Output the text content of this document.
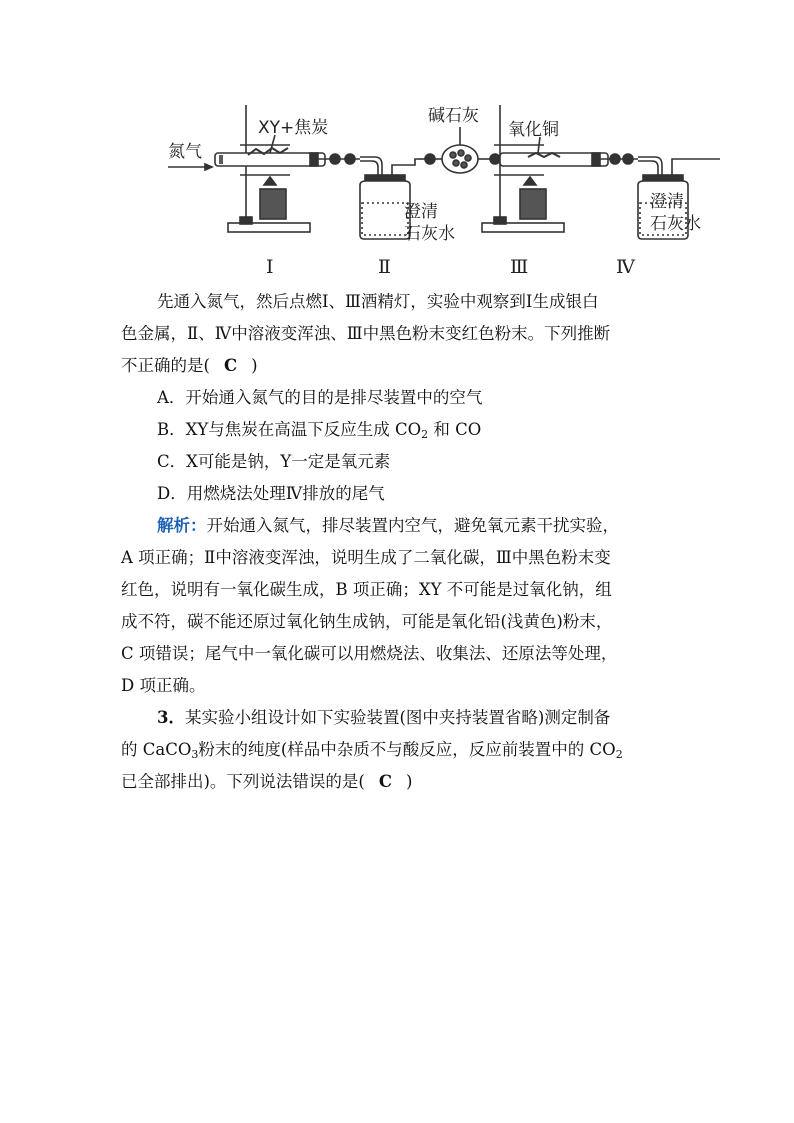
氮气
XY+焦炭
碱石灰
氧化铜
澄清
石灰水
澄清
石灰水
Ⅰ	Ⅱ	Ⅲ	Ⅳ
先通入氮气，然后点燃Ⅰ、Ⅲ酒精灯，实验中观察到Ⅰ生成银白
色金属，Ⅱ、Ⅳ中溶液变浑浊、Ⅲ中黑色粉末变红色粉末。下列推断
不正确的是( C )
A．开始通入氮气的目的是排尽装置中的空气
B．XY与焦炭在高温下反应生成 $CO_2$ 和 CO
C．X可能是钠，Y一定是氧元素
D．用燃烧法处理Ⅳ排放的尾气
解析：开始通入氮气，排尽装置内空气，避免氧元素干扰实验，
A 项正确；Ⅱ中溶液变浑浊，说明生成了二氧化碳，Ⅲ中黑色粉末变
红色，说明有一氧化碳生成，B 项正确；XY 不可能是过氧化钠，组
成不符，碳不能还原过氧化钠生成钠，可能是氧化铅(浅黄色)粉末，
C 项错误；尾气中一氧化碳可以用燃烧法、收集法、还原法等处理，
D 项正确。
3．某实验小组设计如下实验装置(图中夹持装置省略)测定制备
的 CaCO$_3$粉末的纯度(样品中杂质不与酸反应，反应前装置中的 $CO_2$
已全部排出)。下列说法错误的是( C )
